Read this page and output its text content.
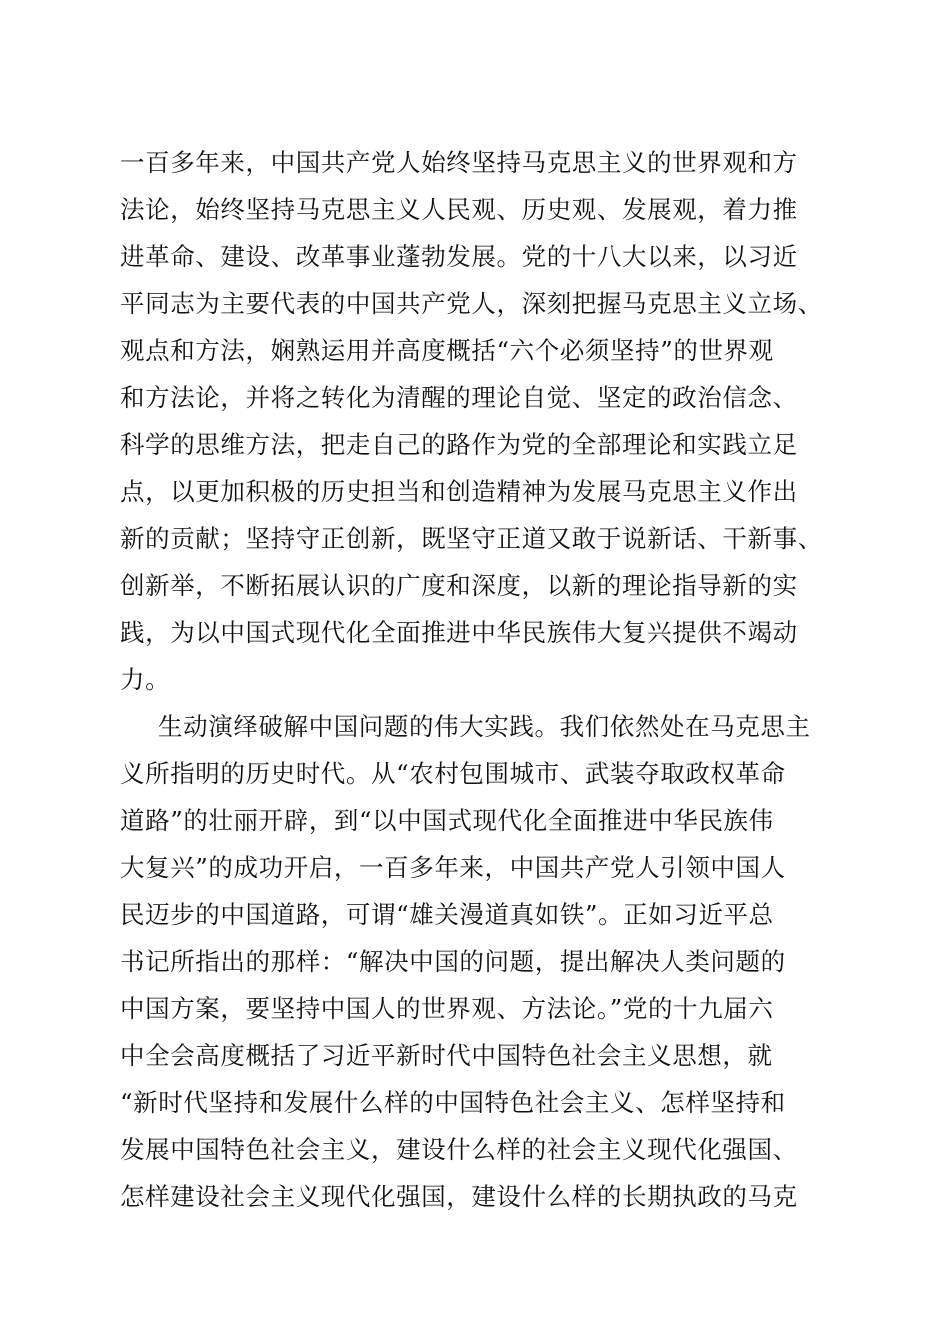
一百多年来，中国共产党人始终坚持马克思主义的世界观和方
法论，始终坚持马克思主义人民观、历史观、发展观，着力推
进革命、建设、改革事业蓬勃发展。党的十八大以来，以习近
平同志为主要代表的中国共产党人，深刻把握马克思主义立场、
观点和方法，娴熟运用并高度概括“六个必须坚持”的世界观
和方法论，并将之转化为清醒的理论自觉、坚定的政治信念、
科学的思维方法，把走自己的路作为党的全部理论和实践立足
点，以更加积极的历史担当和创造精神为发展马克思主义作出
新的贡献；坚持守正创新，既坚守正道又敢于说新话、干新事、
创新举，不断拓展认识的广度和深度，以新的理论指导新的实
践，为以中国式现代化全面推进中华民族伟大复兴提供不竭动
力。
生动演绎破解中国问题的伟大实践。我们依然处在马克思主
义所指明的历史时代。从“农村包围城市、武装夺取政权革命
道路”的壮丽开辟，到“以中国式现代化全面推进中华民族伟
大复兴”的成功开启，一百多年来，中国共产党人引领中国人
民迈步的中国道路，可谓“雄关漫道真如铁”。正如习近平总
书记所指出的那样：“解决中国的问题，提出解决人类问题的
中国方案，要坚持中国人的世界观、方法论。”党的十九届六
中全会高度概括了习近平新时代中国特色社会主义思想，就
“新时代坚持和发展什么样的中国特色社会主义、怎样坚持和
发展中国特色社会主义，建设什么样的社会主义现代化强国、
怎样建设社会主义现代化强国，建设什么样的长期执政的马克
